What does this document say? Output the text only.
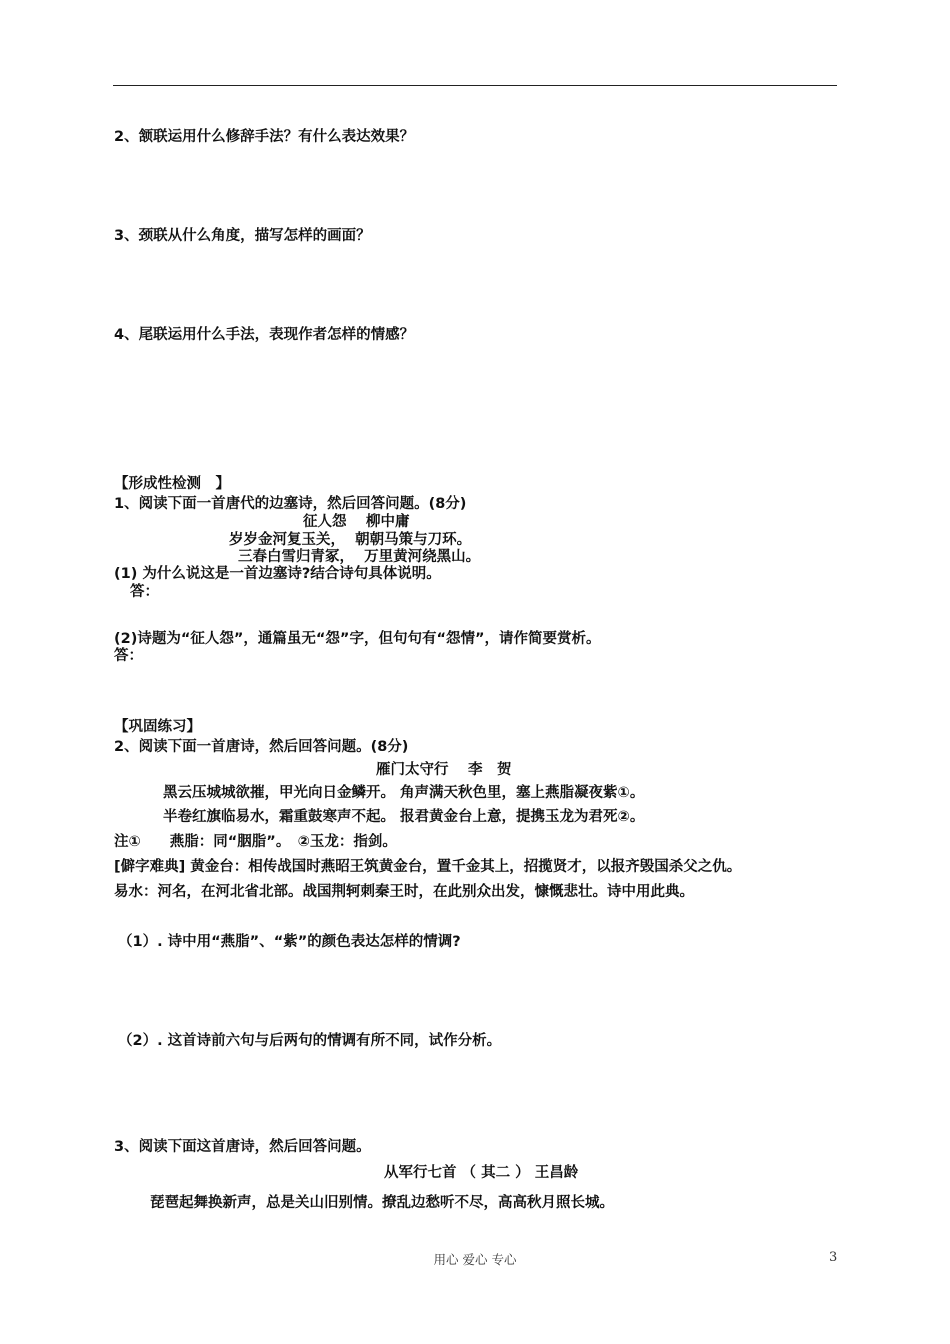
2、颔联运用什么修辞手法？有什么表达效果？
3、颈联从什么角度，描写怎样的画面？
4、尾联运用什么手法，表现作者怎样的情感？
【形成性检测　】
1、阅读下面一首唐代的边塞诗，然后回答问题。(8分)
征人怨　 柳中庸
岁岁金河复玉关，  朝朝马策与刀环。
三春白雪归青冢，  万里黄河绕黑山。
(1) 为什么说这是一首边塞诗?结合诗句具体说明。
答：
(2)诗题为“征人怨”，通篇虽无“怨”字，但句句有“怨情”，请作简要赏析。
答：
【巩固练习】
2、阅读下面一首唐诗，然后回答问题。(8分)
雁门太守行　 李　贺
黑云压城城欲摧，甲光向日金鳞开。 角声满天秋色里，塞上燕脂凝夜紫①。
半卷红旗临易水，霜重鼓寒声不起。 报君黄金台上意，提携玉龙为君死②。
注①　　燕脂：同“胭脂”。　②玉龙：指剑。
[僻字难典] 黄金台：相传战国时燕昭王筑黄金台，置千金其上，招揽贤才，以报齐毁国杀父之仇。
易水：河名，在河北省北部。战国荆轲刺秦王时，在此别众出发，慷慨悲壮。诗中用此典。
（1）. 诗中用“燕脂”、“紫”的颜色表达怎样的情调?
（2）. 这首诗前六句与后两句的情调有所不同，试作分析。
3、阅读下面这首唐诗，然后回答问题。
从军行七首 （ 其二 ） 王昌龄
琵琶起舞换新声，总是关山旧别情。撩乱边愁听不尽，高高秋月照长城。
用心 爱心 专心	3
